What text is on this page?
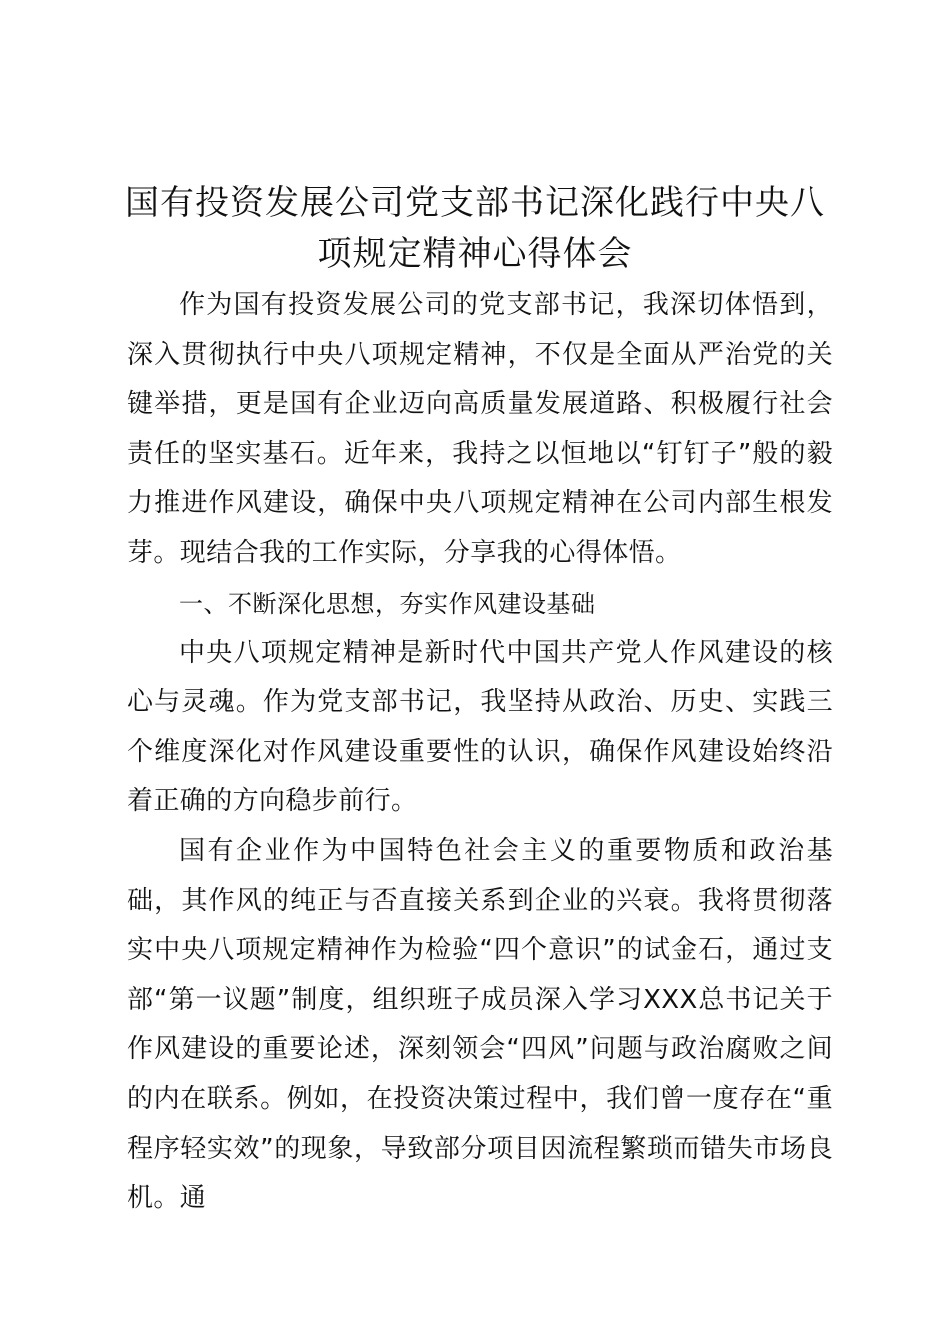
国有投资发展公司党支部书记深化践行中央八项规定精神心得体会

作为国有投资发展公司的党支部书记，我深切体悟到，深入贯彻执行中央八项规定精神，不仅是全面从严治党的关键举措，更是国有企业迈向高质量发展道路、积极履行社会责任的坚实基石。近年来，我持之以恒地以“钉钉子”般的毅力推进作风建设，确保中央八项规定精神在公司内部生根发芽。现结合我的工作实际，分享我的心得体悟。

一、不断深化思想，夯实作风建设基础

中央八项规定精神是新时代中国共产党人作风建设的核心与灵魂。作为党支部书记，我坚持从政治、历史、实践三个维度深化对作风建设重要性的认识，确保作风建设始终沿着正确的方向稳步前行。

国有企业作为中国特色社会主义的重要物质和政治基础，其作风的纯正与否直接关系到企业的兴衰。我将贯彻落实中央八项规定精神作为检验“四个意识”的试金石，通过支部“第一议题”制度，组织班子成员深入学习XXX总书记关于作风建设的重要论述，深刻领会“四风”问题与政治腐败之间的内在联系。例如，在投资决策过程中，我们曾一度存在“重程序轻实效”的现象，导致部分项目因流程繁琐而错失市场良机。通
